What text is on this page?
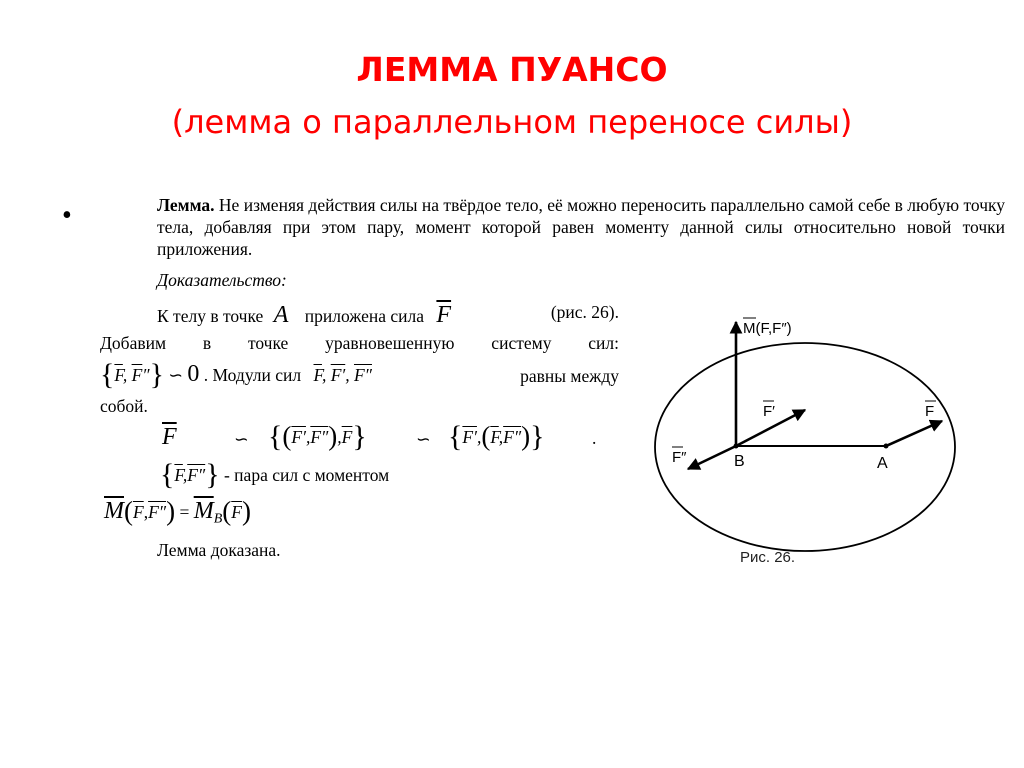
ЛЕММА ПУАНСО
(лемма о параллельном переносе силы)
•	Лемма. Не изменяя действия силы на твёрдое тело, её можно переносить параллельно самой себе в любую точку тела, добавляя при этом пару, момент которой равен моменту данной силы относительно новой точки приложения.

Доказательство:
К телу в точке A приложена сила $\overline{F}$	(рис. 26).
Добавим в точке уравновешенную систему сил:
{$\overline{F}$, $\overline{F}''$} ∽ 0 . Модули сил $\overline{F}$, F′, F″	равны между
собой.
$\overline{F}$	∽ $\{(F',F''),\overline{F}\}$	∽ $\{F',(\overline{F},F'')\}$	.
$\{\overline{F},F''\}$ - пара сил с моментом
$\overline{M}(\overline{F},F'') = \overline{M}_B(\overline{F})$
Лемма доказана.
M(F,F″)
F′
F″
F
B	A
Рис. 26.
